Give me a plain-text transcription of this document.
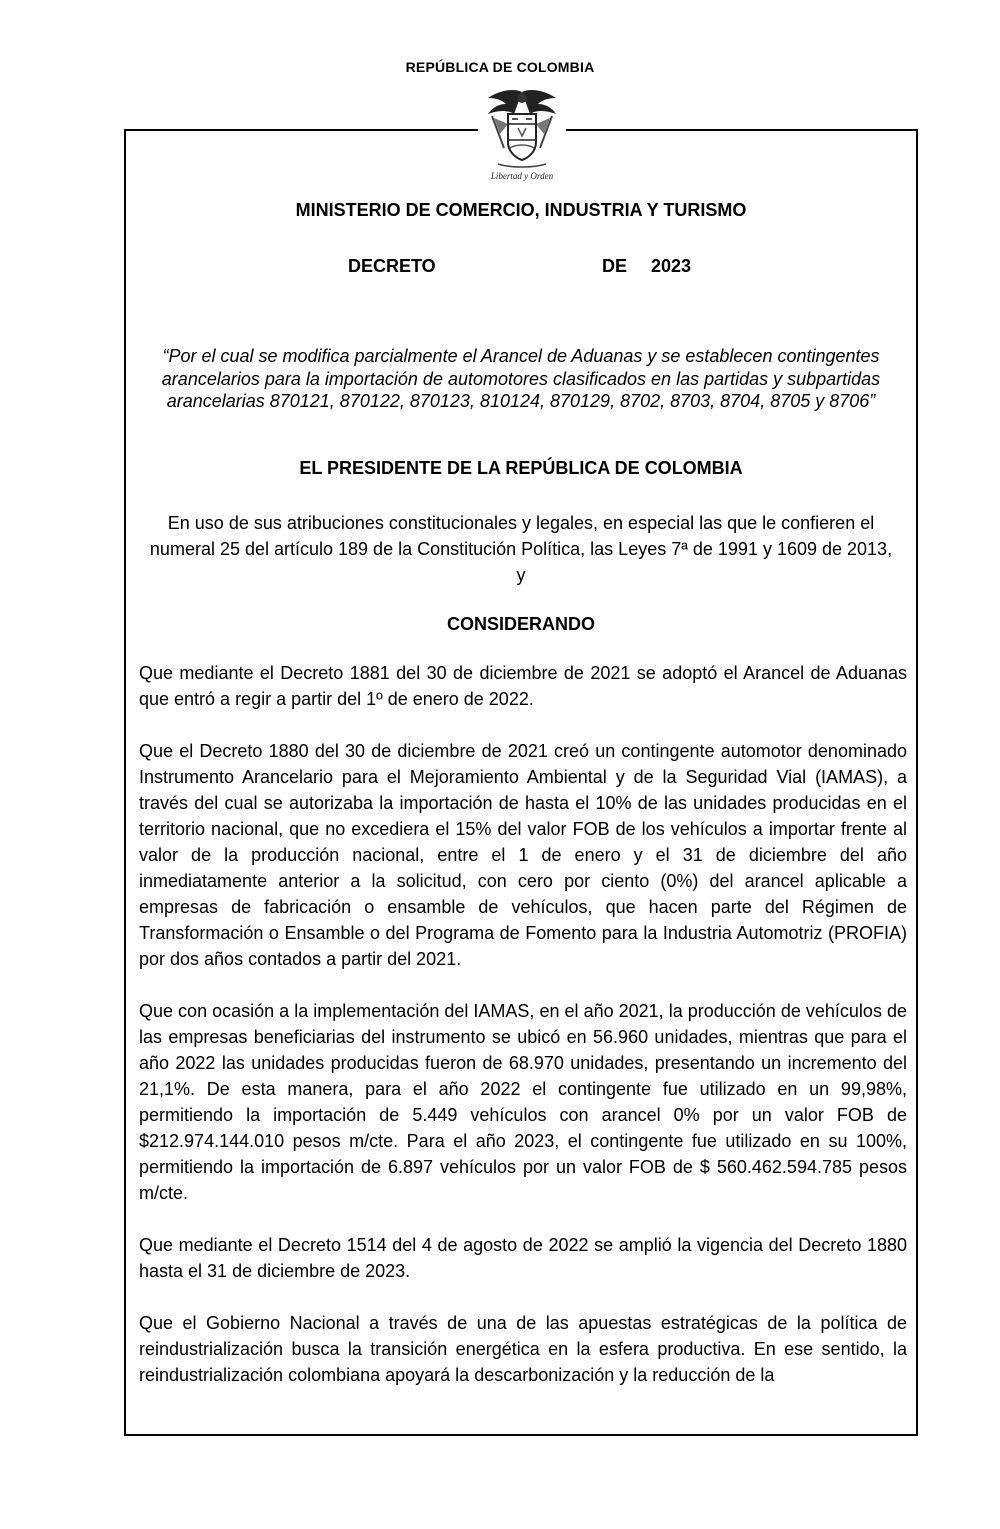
REPÚBLICA DE COLOMBIA
Libertad y Orden
MINISTERIO DE COMERCIO, INDUSTRIA Y TURISMO
DECRETO	DE 2023
“Por el cual se modifica parcialmente el Arancel de Aduanas y se establecen contingentes arancelarios para la importación de automotores clasificados en las partidas y subpartidas arancelarias 870121, 870122, 870123, 810124, 870129, 8702, 8703, 8704, 8705 y 8706”
EL PRESIDENTE DE LA REPÚBLICA DE COLOMBIA
En uso de sus atribuciones constitucionales y legales, en especial las que le confieren el numeral 25 del artículo 189 de la Constitución Política, las Leyes 7ª de 1991 y 1609 de 2013, y
CONSIDERANDO

Que mediante el Decreto 1881 del 30 de diciembre de 2021 se adoptó el Arancel de Aduanas que entró a regir a partir del 1º de enero de 2022.

Que el Decreto 1880 del 30 de diciembre de 2021 creó un contingente automotor denominado Instrumento Arancelario para el Mejoramiento Ambiental y de la Seguridad Vial (IAMAS), a través del cual se autorizaba la importación de hasta el 10% de las unidades producidas en el territorio nacional, que no excediera el 15% del valor FOB de los vehículos a importar frente al valor de la producción nacional, entre el 1 de enero y el 31 de diciembre del año inmediatamente anterior a la solicitud, con cero por ciento (0%) del arancel aplicable a empresas de fabricación o ensamble de vehículos, que hacen parte del Régimen de Transformación o Ensamble o del Programa de Fomento para la Industria Automotriz (PROFIA) por dos años contados a partir del 2021.

Que con ocasión a la implementación del IAMAS, en el año 2021, la producción de vehículos de las empresas beneficiarias del instrumento se ubicó en 56.960 unidades, mientras que para el año 2022 las unidades producidas fueron de 68.970 unidades, presentando un incremento del 21,1%. De esta manera, para el año 2022 el contingente fue utilizado en un 99,98%, permitiendo la importación de 5.449 vehículos con arancel 0% por un valor FOB de $212.974.144.010 pesos m/cte. Para el año 2023, el contingente fue utilizado en su 100%, permitiendo la importación de 6.897 vehículos por un valor FOB de $ 560.462.594.785 pesos m/cte.

Que mediante el Decreto 1514 del 4 de agosto de 2022 se amplió la vigencia del Decreto 1880 hasta el 31 de diciembre de 2023.

Que el Gobierno Nacional a través de una de las apuestas estratégicas de la política de reindustrialización busca la transición energética en la esfera productiva. En ese sentido, la reindustrialización colombiana apoyará la descarbonización y la reducción de la
